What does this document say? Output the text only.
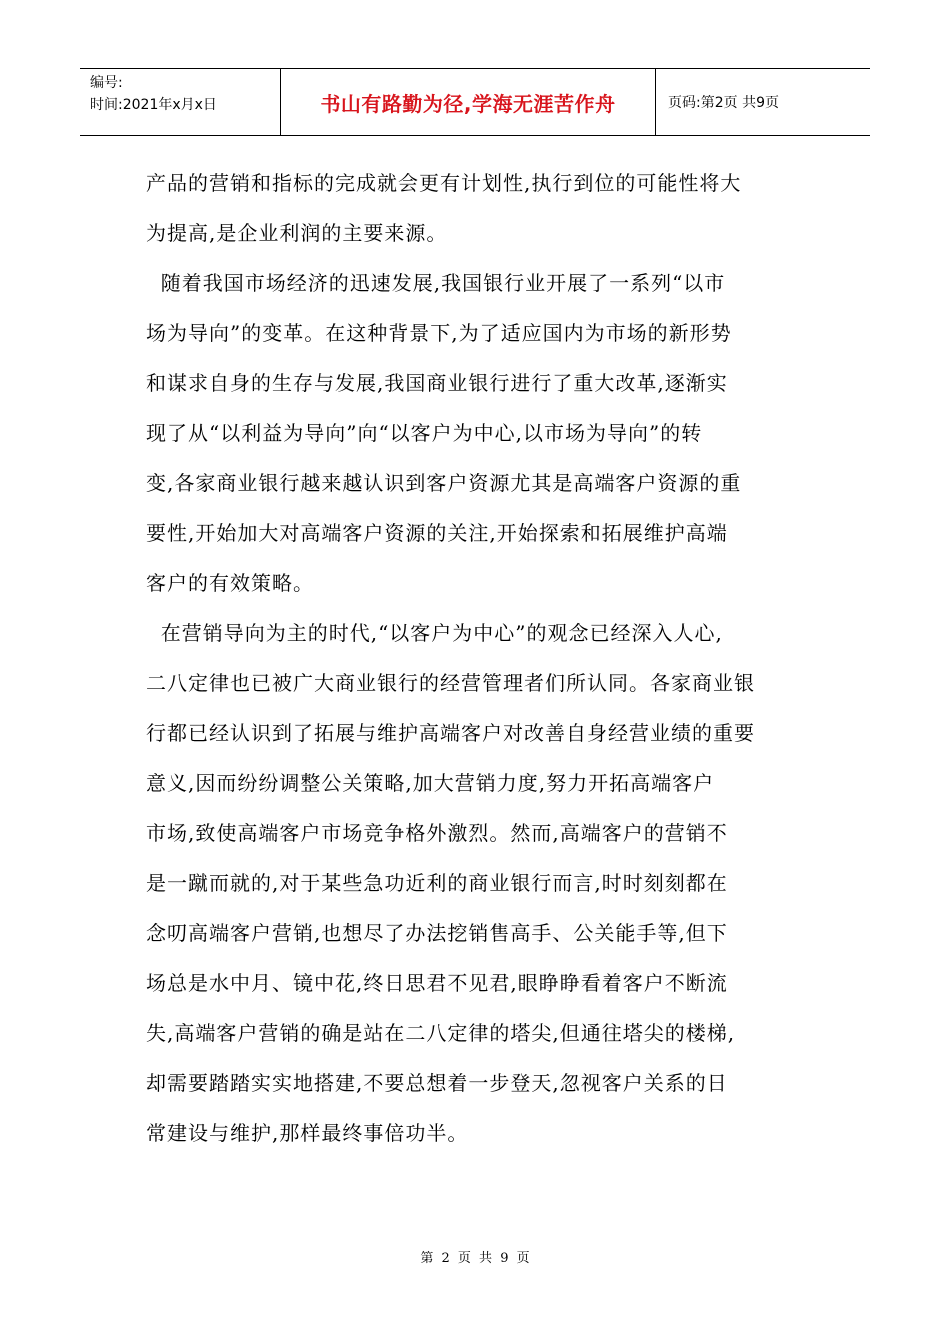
编号:
时间:2021年x月x日	书山有路勤为径,学海无涯苦作舟	页码:第2页 共9页
产品的营销和指标的完成就会更有计划性,执行到位的可能性将大
为提高,是企业利润的主要来源。
随着我国市场经济的迅速发展,我国银行业开展了一系列“以市
场为导向”的变革。在这种背景下,为了适应国内为市场的新形势
和谋求自身的生存与发展,我国商业银行进行了重大改革,逐渐实
现了从“以利益为导向”向“以客户为中心,以市场为导向”的转
变,各家商业银行越来越认识到客户资源尤其是高端客户资源的重
要性,开始加大对高端客户资源的关注,开始探索和拓展维护高端
客户的有效策略。
在营销导向为主的时代,“以客户为中心”的观念已经深入人心,
二八定律也已被广大商业银行的经营管理者们所认同。各家商业银
行都已经认识到了拓展与维护高端客户对改善自身经营业绩的重要
意义,因而纷纷调整公关策略,加大营销力度,努力开拓高端客户
市场,致使高端客户市场竞争格外激烈。然而,高端客户的营销不
是一蹴而就的,对于某些急功近利的商业银行而言,时时刻刻都在
念叨高端客户营销,也想尽了办法挖销售高手、公关能手等,但下
场总是水中月、镜中花,终日思君不见君,眼睁睁看着客户不断流
失,高端客户营销的确是站在二八定律的塔尖,但通往塔尖的楼梯,
却需要踏踏实实地搭建,不要总想着一步登天,忽视客户关系的日
常建设与维护,那样最终事倍功半。
第 2 页 共 9 页
